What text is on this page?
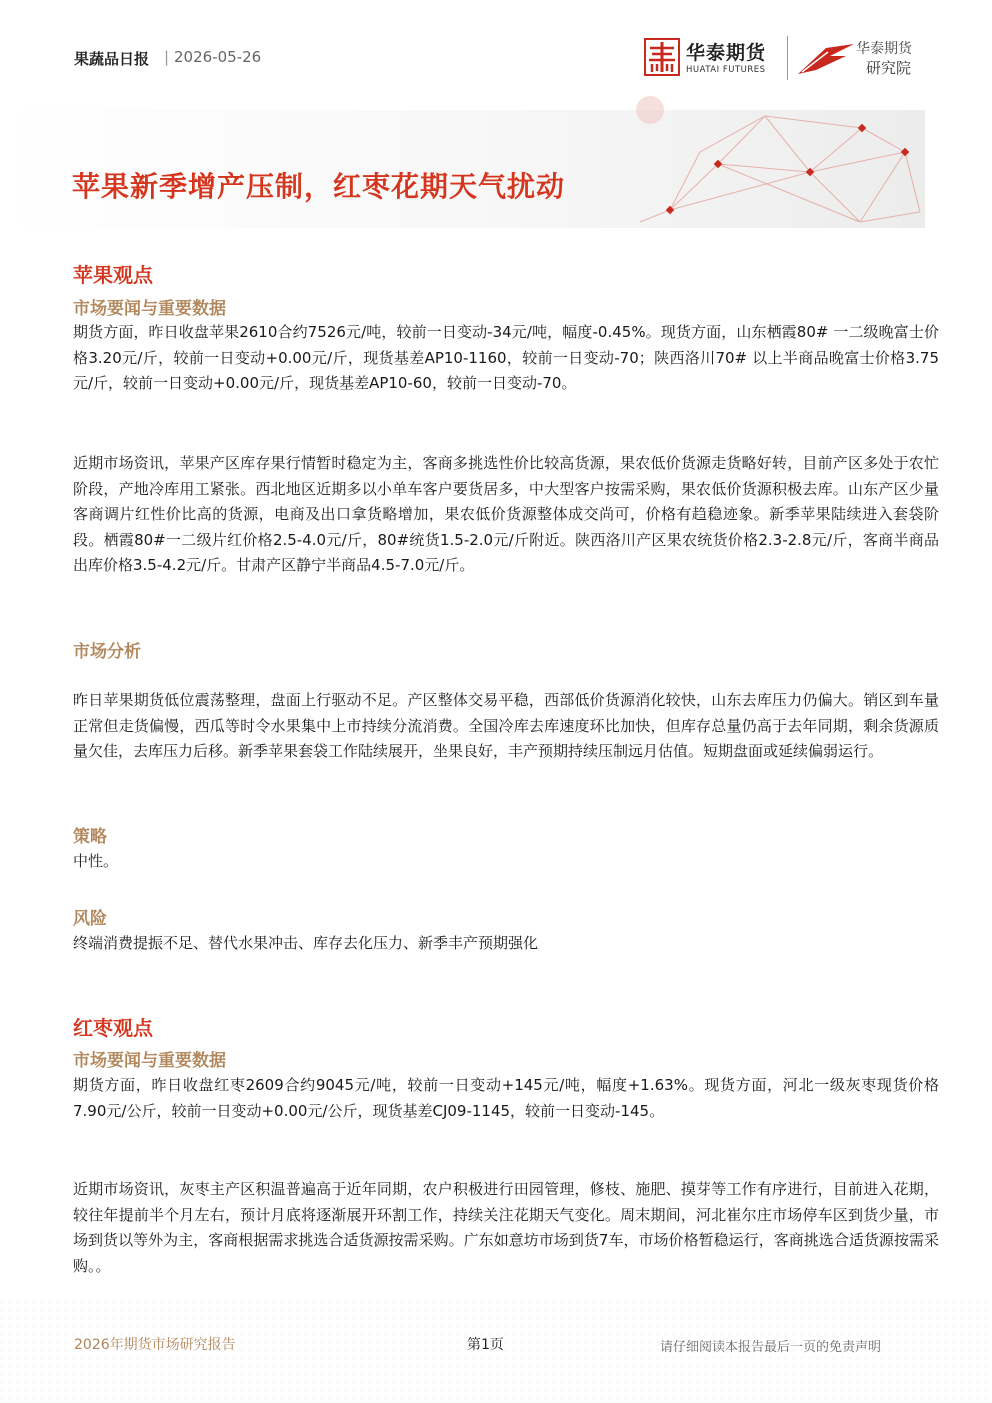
果蔬品日报 | 2026-05-26	华泰期货
HUATAI FUTURES
华泰期货
研究院
苹果新季增产压制，红枣花期天气扰动
苹果观点
市场要闻与重要数据
期货方面，昨日收盘苹果2610合约7526元/吨，较前一日变动-34元/吨，幅度-0.45%。现货方面，山东栖霞80# 一二级晚富士价格3.20元/斤，较前一日变动+0.00元/斤，现货基差AP10-1160，较前一日变动-70；陕西洛川70# 以上半商品晚富士价格3.75元/斤，较前一日变动+0.00元/斤，现货基差AP10-60，较前一日变动-70。
近期市场资讯，苹果产区库存果行情暂时稳定为主，客商多挑选性价比较高货源，果农低价货源走货略好转，目前产区多处于农忙阶段，产地冷库用工紧张。西北地区近期多以小单车客户要货居多，中大型客户按需采购，果农低价货源积极去库。山东产区少量客商调片红性价比高的货源，电商及出口拿货略增加，果农低价货源整体成交尚可，价格有趋稳迹象。新季苹果陆续进入套袋阶段。栖霞80#一二级片红价格2.5-4.0元/斤，80#统货1.5-2.0元/斤附近。陕西洛川产区果农统货价格2.3-2.8元/斤，客商半商品出库价格3.5-4.2元/斤。甘肃产区静宁半商品4.5-7.0元/斤。
市场分析
昨日苹果期货低位震荡整理，盘面上行驱动不足。产区整体交易平稳，西部低价货源消化较快，山东去库压力仍偏大。销区到车量正常但走货偏慢，西瓜等时令水果集中上市持续分流消费。全国冷库去库速度环比加快，但库存总量仍高于去年同期，剩余货源质量欠佳，去库压力后移。新季苹果套袋工作陆续展开，坐果良好，丰产预期持续压制远月估值。短期盘面或延续偏弱运行。
策略
中性。
风险
终端消费提振不足、替代水果冲击、库存去化压力、新季丰产预期强化
红枣观点
市场要闻与重要数据
期货方面，昨日收盘红枣2609合约9045元/吨，较前一日变动+145元/吨，幅度+1.63%。现货方面，河北一级灰枣现货价格7.90元/公斤，较前一日变动+0.00元/公斤，现货基差CJ09-1145，较前一日变动-145。
近期市场资讯，灰枣主产区积温普遍高于近年同期，农户积极进行田园管理，修枝、施肥、摸芽等工作有序进行，目前进入花期，较往年提前半个月左右，预计月底将逐渐展开环割工作，持续关注花期天气变化。周末期间，河北崔尔庄市场停车区到货少量，市场到货以等外为主，客商根据需求挑选合适货源按需采购。广东如意坊市场到货7车，市场价格暂稳运行，客商挑选合适货源按需采购。。
2026年期货市场研究报告	第1页	请仔细阅读本报告最后一页的免责声明
